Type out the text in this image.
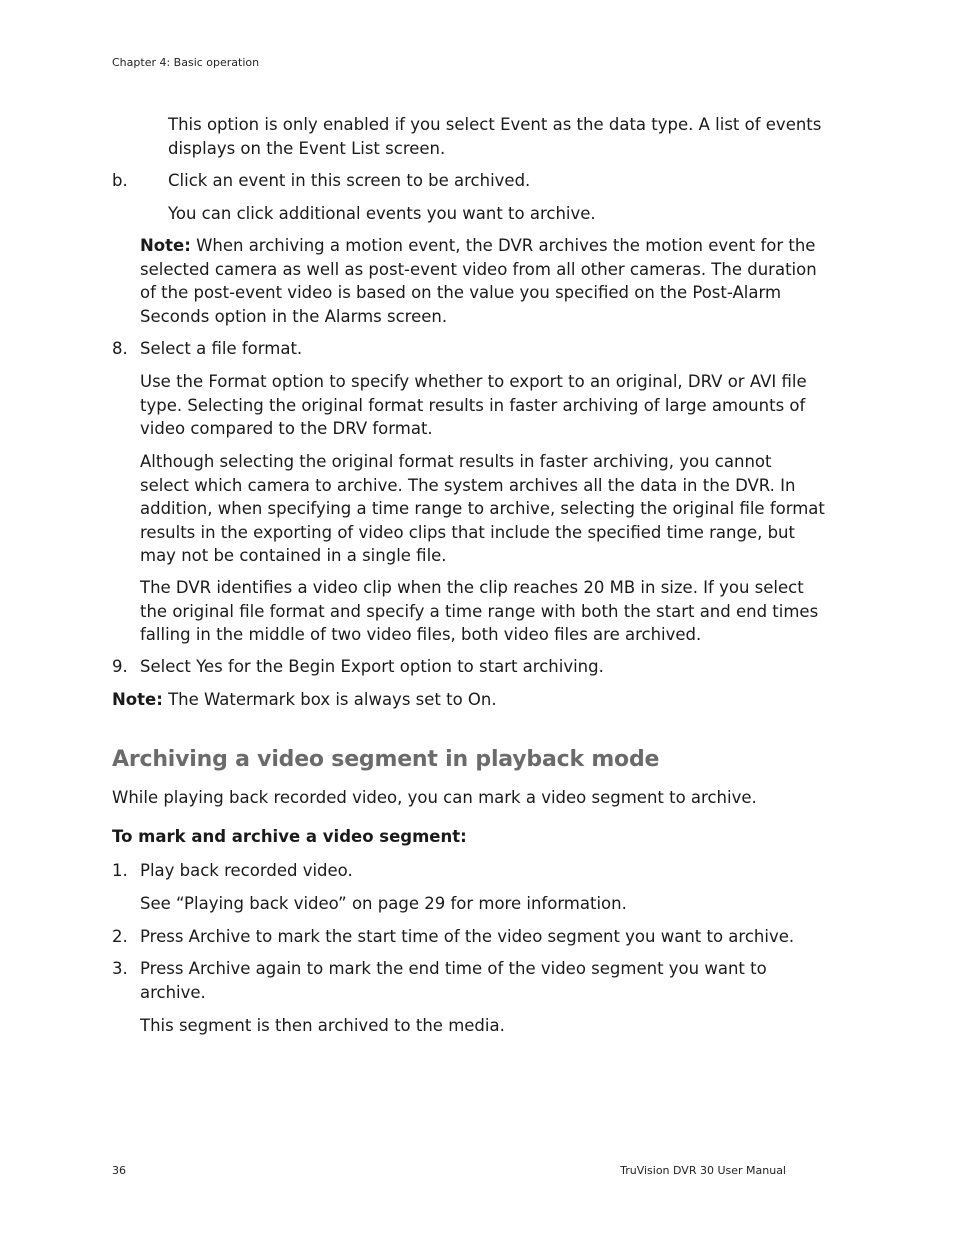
Chapter 4: Basic operation
This option is only enabled if you select Event as the data type. A list of events
displays on the Event List screen.
b. Click an event in this screen to be archived.
You can click additional events you want to archive.
Note: When archiving a motion event, the DVR archives the motion event for the
selected camera as well as post-event video from all other cameras. The duration
of the post-event video is based on the value you specified on the Post-Alarm
Seconds option in the Alarms screen.
8. Select a file format.
Use the Format option to specify whether to export to an original, DRV or AVI file
type. Selecting the original format results in faster archiving of large amounts of
video compared to the DRV format.
Although selecting the original format results in faster archiving, you cannot
select which camera to archive. The system archives all the data in the DVR. In
addition, when specifying a time range to archive, selecting the original file format
results in the exporting of video clips that include the specified time range, but
may not be contained in a single file.
The DVR identifies a video clip when the clip reaches 20 MB in size. If you select
the original file format and specify a time range with both the start and end times
falling in the middle of two video files, both video files are archived.
9. Select Yes for the Begin Export option to start archiving.
Note: The Watermark box is always set to On.
Archiving a video segment in playback mode
While playing back recorded video, you can mark a video segment to archive.
To mark and archive a video segment:
1. Play back recorded video.
See “Playing back video” on page 29 for more information.
2. Press Archive to mark the start time of the video segment you want to archive.
3. Press Archive again to mark the end time of the video segment you want to
archive.
This segment is then archived to the media.
36	TruVision DVR 30 User Manual
